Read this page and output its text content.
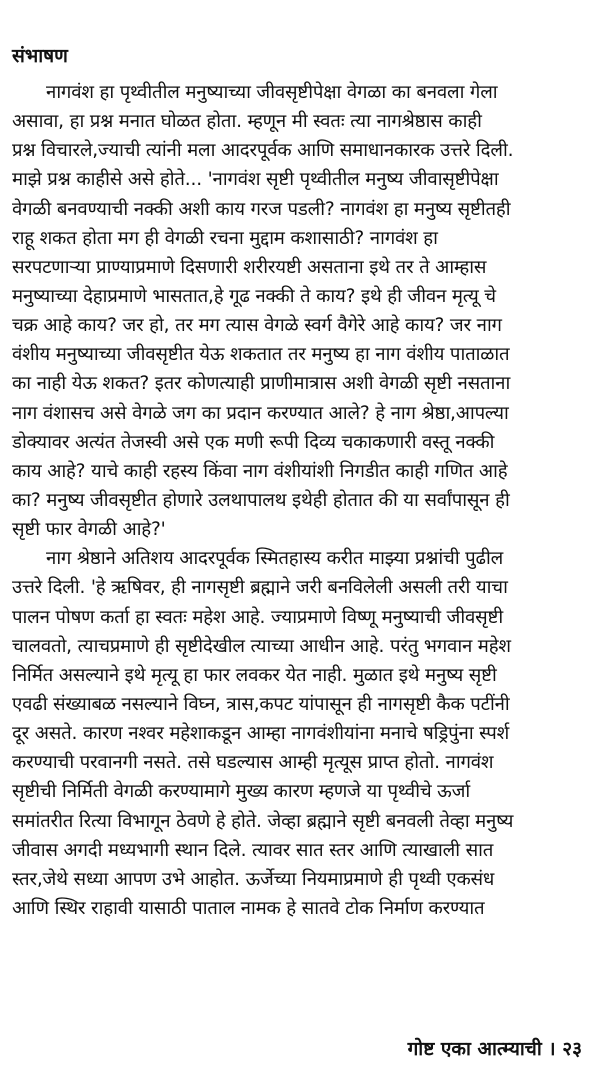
संभाषण
नागवंश हा पृथ्वीतील मनुष्याच्या जीवसृष्टीपेक्षा वेगळा का बनवला गेला
असावा, हा प्रश्न मनात घोळत होता. म्हणून मी स्वतः त्या नागश्रेष्ठास काही
प्रश्न विचारले,ज्याची त्यांनी मला आदरपूर्वक आणि समाधानकारक उत्तरे दिली.
माझे प्रश्न काहीसे असे होते... 'नागवंश सृष्टी पृथ्वीतील मनुष्य जीवासृष्टीपेक्षा
वेगळी बनवण्याची नक्की अशी काय गरज पडली? नागवंश हा मनुष्य सृष्टीतही
राहू शकत होता मग ही वेगळी रचना मुद्दाम कशासाठी? नागवंश हा
सरपटणाऱ्या प्राण्याप्रमाणे दिसणारी शरीरयष्टी असताना इथे तर ते आम्हास
मनुष्याच्या देहाप्रमाणे भासतात,हे गूढ नक्की ते काय? इथे ही जीवन मृत्यू चे
चक्र आहे काय? जर हो, तर मग त्यास वेगळे स्वर्ग वैगेरे आहे काय? जर नाग
वंशीय मनुष्याच्या जीवसृष्टीत येऊ शकतात तर मनुष्य हा नाग वंशीय पाताळात
का नाही येऊ शकत? इतर कोणत्याही प्राणीमात्रास अशी वेगळी सृष्टी नसताना
नाग वंशासच असे वेगळे जग का प्रदान करण्यात आले? हे नाग श्रेष्ठा,आपल्या
डोक्यावर अत्यंत तेजस्वी असे एक मणी रूपी दिव्य चकाकणारी वस्तू नक्की
काय आहे? याचे काही रहस्य किंवा नाग वंशीयांशी निगडीत काही गणित आहे
का? मनुष्य जीवसृष्टीत होणारे उलथापालथ इथेही होतात की या सर्वांपासून ही
सृष्टी फार वेगळी आहे?'
नाग श्रेष्ठाने अतिशय आदरपूर्वक स्मितहास्य करीत माझ्या प्रश्नांची पुढील
उत्तरे दिली. 'हे ऋषिवर, ही नागसृष्टी ब्रह्माने जरी बनविलेली असली तरी याचा
पालन पोषण कर्ता हा स्वतः महेश आहे. ज्याप्रमाणे विष्णू मनुष्याची जीवसृष्टी
चालवतो, त्याचप्रमाणे ही सृष्टीदेखील त्याच्या आधीन आहे. परंतु भगवान महेश
निर्मित असल्याने इथे मृत्यू हा फार लवकर येत नाही. मुळात इथे मनुष्य सृष्टी
एवढी संख्याबळ नसल्याने विघ्न, त्रास,कपट यांपासून ही नागसृष्टी कैक पटींनी
दूर असते. कारण नश्वर महेशाकडून आम्हा नागवंशीयांना मनाचे षड्रिपुंना स्पर्श
करण्याची परवानगी नसते. तसे घडल्यास आम्ही मृत्यूस प्राप्त होतो. नागवंश
सृष्टीची निर्मिती वेगळी करण्यामागे मुख्य कारण म्हणजे या पृथ्वीचे ऊर्जा
समांतरीत रित्या विभागून ठेवणे हे होते. जेव्हा ब्रह्माने सृष्टी बनवली तेव्हा मनुष्य
जीवास अगदी मध्यभागी स्थान दिले. त्यावर सात स्तर आणि त्याखाली सात
स्तर,जेथे सध्या आपण उभे आहोत. ऊर्जेच्या नियमाप्रमाणे ही पृथ्वी एकसंध
आणि स्थिर राहावी यासाठी पाताल नामक हे सातवे टोक निर्माण करण्यात
गोष्ट एका आत्म्याची । २३
